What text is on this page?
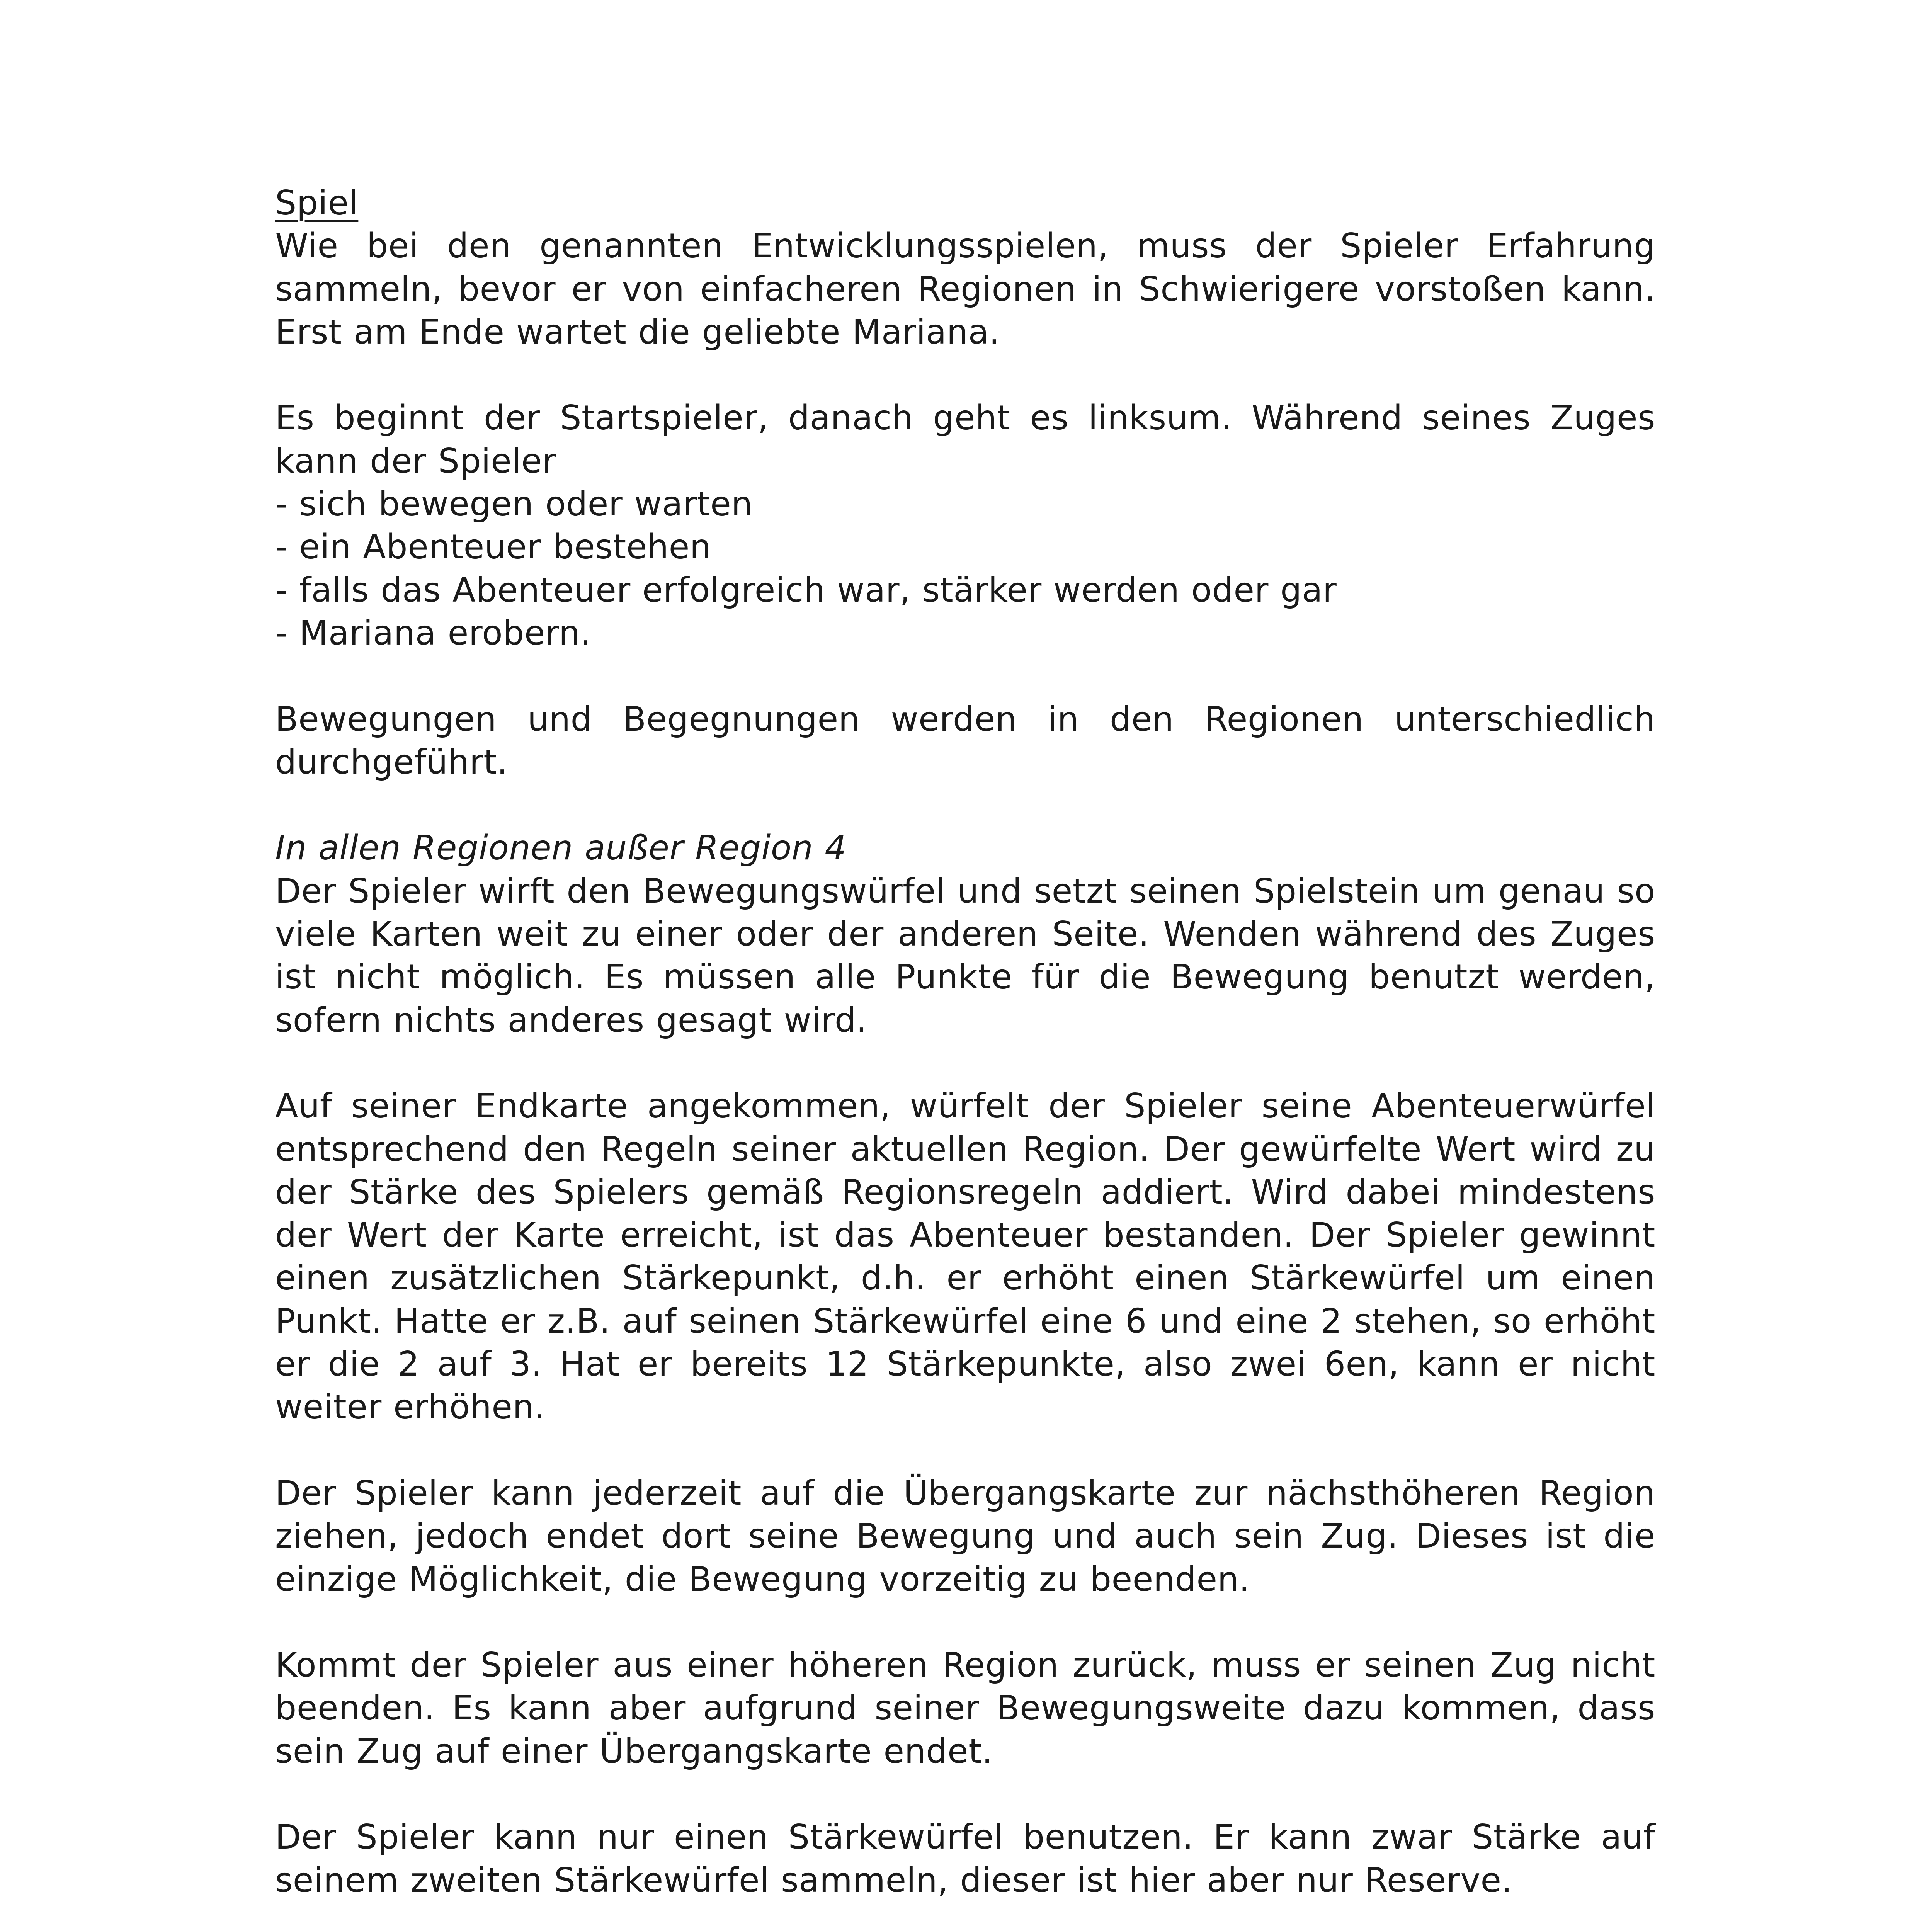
Spiel

Wie bei den genannten Entwicklungsspielen, muss der Spieler Erfahrung sammeln, bevor er von einfacheren Regionen in Schwierigere vorstoßen kann. Erst am Ende wartet die geliebte Mariana.

Es beginnt der Startspieler, danach geht es linksum. Während seines Zuges kann der Spieler
- sich bewegen oder warten
- ein Abenteuer bestehen
- falls das Abenteuer erfolgreich war, stärker werden oder gar
- Mariana erobern.

Bewegungen und Begegnungen werden in den Regionen unterschiedlich durchgeführt.

In allen Regionen außer Region 4
Der Spieler wirft den Bewegungswürfel und setzt seinen Spielstein um genau so viele Karten weit zu einer oder der anderen Seite. Wenden während des Zuges ist nicht möglich. Es müssen alle Punkte für die Bewegung benutzt werden, sofern nichts anderes gesagt wird.

Auf seiner Endkarte angekommen, würfelt der Spieler seine Abenteuerwürfel entsprechend den Regeln seiner aktuellen Region. Der gewürfelte Wert wird zu der Stärke des Spielers gemäß Regionsregeln addiert. Wird dabei mindestens der Wert der Karte erreicht, ist das Abenteuer bestanden. Der Spieler gewinnt einen zusätzlichen Stärkepunkt, d.h. er erhöht einen Stärkewürfel um einen Punkt. Hatte er z.B. auf seinen Stärkewürfel eine 6 und eine 2 stehen, so erhöht er die 2 auf 3. Hat er bereits 12 Stärkepunkte, also zwei 6en, kann er nicht weiter erhöhen.

Der Spieler kann jederzeit auf die Übergangskarte zur nächsthöheren Region ziehen, jedoch endet dort seine Bewegung und auch sein Zug. Dieses ist die einzige Möglichkeit, die Bewegung vorzeitig zu beenden.

Kommt der Spieler aus einer höheren Region zurück, muss er seinen Zug nicht beenden. Es kann aber aufgrund seiner Bewegungsweite dazu kommen, dass sein Zug auf einer Übergangskarte endet.

Der Spieler kann nur einen Stärkewürfel benutzen. Er kann zwar Stärke auf seinem zweiten Stärkewürfel sammeln, dieser ist hier aber nur Reserve.
